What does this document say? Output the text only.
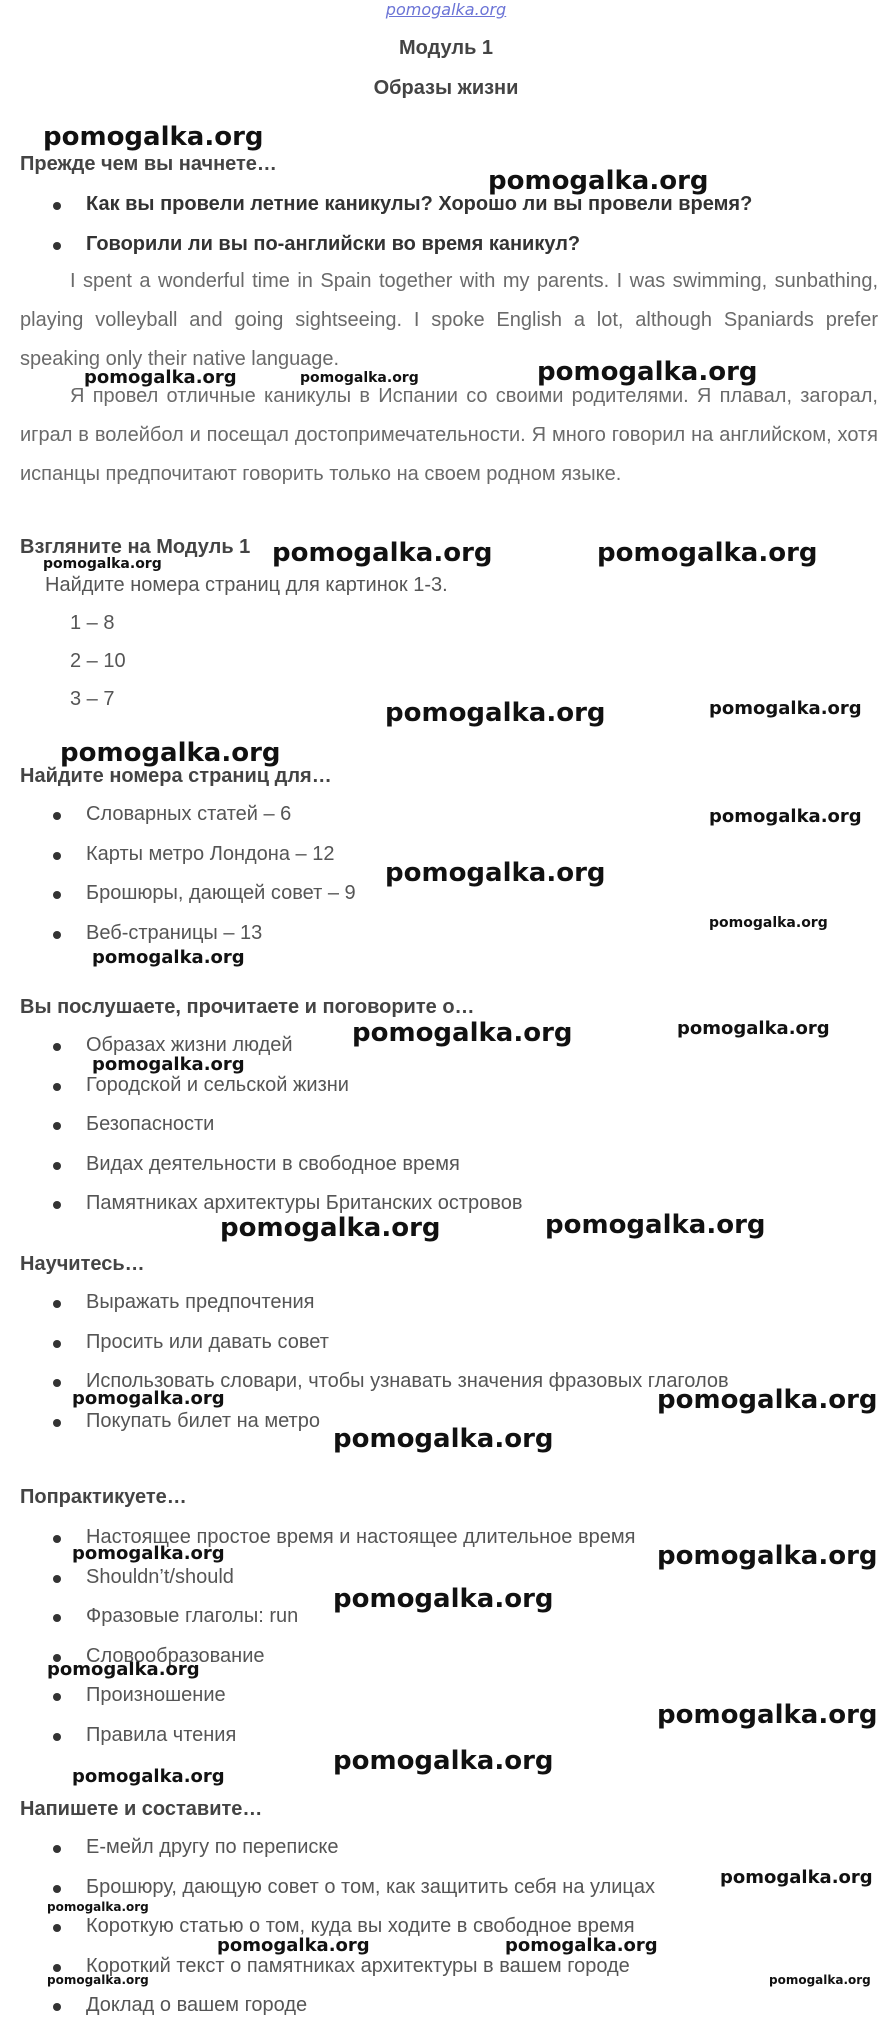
pomogalka.org
Модуль 1
Образы жизни
Прежде чем вы начнете…
Как вы провели летние каникулы? Хорошо ли вы провели время?
Говорили ли вы по-английски во время каникул?

I spent a wonderful time in Spain together with my parents. I was swimming, sunbathing, playing volleyball and going sightseeing. I spoke English a lot, although Spaniards prefer speaking only their native language.

Я провел отличные каникулы в Испании со своими родителями. Я плавал, загорал, играл в волейбол и посещал достопримечательности. Я много говорил на английском, хотя испанцы предпочитают говорить только на своем родном языке.

Взгляните на Модуль 1
Найдите номера страниц для картинок 1-3.
1 – 8
2 – 10
3 – 7
Найдите номера страниц для…
Словарных статей – 6
Карты метро Лондона – 12
Брошюры, дающей совет – 9
Веб-страницы – 13
Вы послушаете, прочитаете и поговорите о…
Образах жизни людей
Городской и сельской жизни
Безопасности
Видах деятельности в свободное время
Памятниках архитектуры Британских островов
Научитесь…
Выражать предпочтения
Просить или давать совет
Использовать словари, чтобы узнавать значения фразовых глаголов
Покупать билет на метро
Попрактикуете…
Настоящее простое время и настоящее длительное время
Shouldn’t/should
Фразовые глаголы: run
Словообразование
Произношение
Правила чтения
Напишете и составите…
Е-мейл другу по переписке
Брошюру, дающую совет о том, как защитить себя на улицах
Короткую статью о том, куда вы ходите в свободное время
Короткий текст о памятниках архитектуры в вашем городе
Доклад о вашем городе
pomogalka.org
pomogalka.org
pomogalka.org
pomogalka.org	pomogalka.org
pomogalka.org	pomogalka.org
pomogalka.org
pomogalka.org	pomogalka.org
pomogalka.org
pomogalka.org
pomogalka.org
pomogalka.org
pomogalka.org
pomogalka.org
pomogalka.org
pomogalka.org
pomogalka.org	pomogalka.org
pomogalka.org	pomogalka.org
pomogalka.org
pomogalka.org	pomogalka.org
pomogalka.org
pomogalka.org
pomogalka.org
pomogalka.org
pomogalka.org
pomogalka.org
pomogalka.org
pomogalka.org	pomogalka.org
pomogalka.org	pomogalka.org
